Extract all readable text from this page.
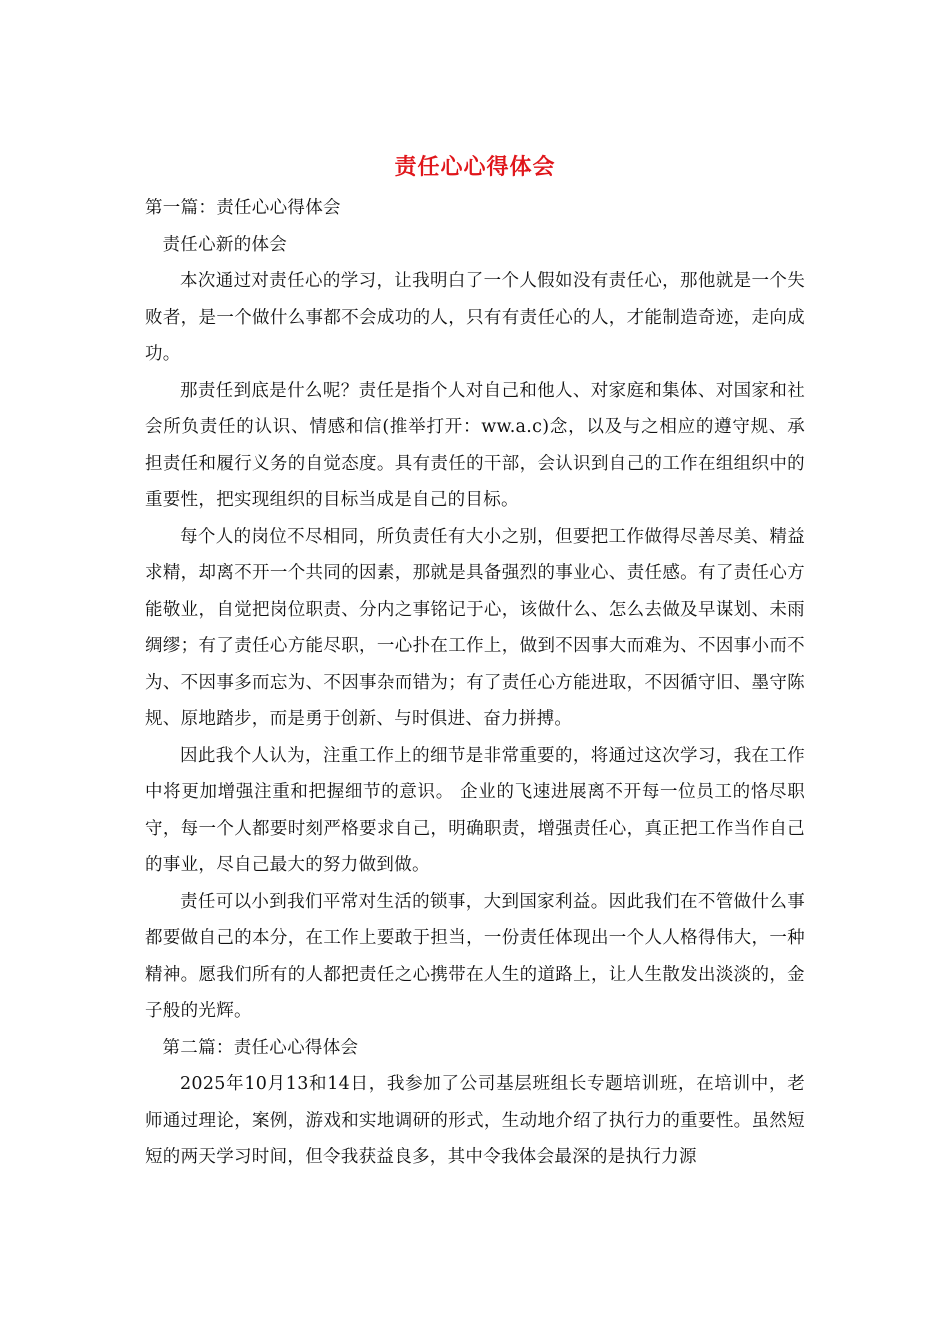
责任心心得体会

第一篇：责任心心得体会

责任心新的体会

本次通过对责任心的学习，让我明白了一个人假如没有责任心，那他就是一个失败者，是一个做什么事都不会成功的人，只有有责任心的人，才能制造奇迹，走向成功。

那责任到底是什么呢？责任是指个人对自己和他人、对家庭和集体、对国家和社会所负责任的认识、情感和信(推举打开：ww.a.c)念，以及与之相应的遵守规、承担责任和履行义务的自觉态度。具有责任的干部，会认识到自己的工作在组组织中的重要性，把实现组织的目标当成是自己的目标。

每个人的岗位不尽相同，所负责任有大小之别，但要把工作做得尽善尽美、精益求精，却离不开一个共同的因素，那就是具备强烈的事业心、责任感。有了责任心方能敬业，自觉把岗位职责、分内之事铭记于心，该做什么、怎么去做及早谋划、未雨绸缪；有了责任心方能尽职，一心扑在工作上，做到不因事大而难为、不因事小而不为、不因事多而忘为、不因事杂而错为；有了责任心方能进取，不因循守旧、墨守陈规、原地踏步，而是勇于创新、与时俱进、奋力拼搏。

因此我个人认为，注重工作上的细节是非常重要的，将通过这次学习，我在工作中将更加增强注重和把握细节的意识。 企业的飞速进展离不开每一位员工的恪尽职守，每一个人都要时刻严格要求自己，明确职责，增强责任心，真正把工作当作自己的事业，尽自己最大的努力做到做。

责任可以小到我们平常对生活的锁事，大到国家利益。因此我们在不管做什么事都要做自己的本分，在工作上要敢于担当，一份责任体现出一个人人格得伟大，一种精神。愿我们所有的人都把责任之心携带在人生的道路上，让人生散发出淡淡的，金子般的光辉。

第二篇：责任心心得体会

2025年10月13和14日，我参加了公司基层班组长专题培训班，在培训中，老师通过理论，案例，游戏和实地调研的形式，生动地介绍了执行力的重要性。虽然短短的两天学习时间，但令我获益良多，其中令我体会最深的是执行力源
